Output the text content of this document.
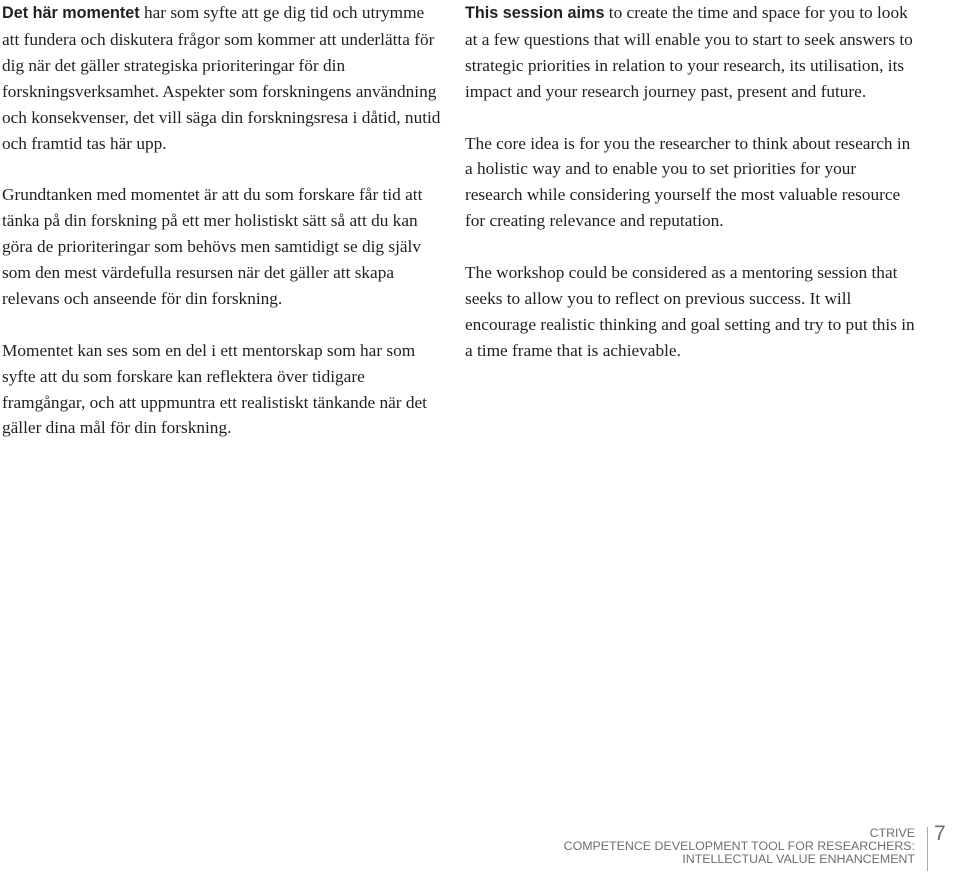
Det här momentet har som syfte att ge dig tid och utrymme att fundera och diskutera frågor som kommer att underlätta för dig när det gäller strategiska prioriteringar för din forskningsverksamhet. Aspekter som forskningens användning och konsekvenser, det vill säga din forskningsresa i dåtid, nutid och framtid tas här upp.

Grundtanken med momentet är att du som forskare får tid att tänka på din forskning på ett mer holistiskt sätt så att du kan göra de prioriteringar som behövs men samtidigt se dig själv som den mest värdefulla resursen när det gäller att skapa relevans och anseende för din forskning.

Momentet kan ses som en del i ett mentorskap som har som syfte att du som forskare kan reflektera över tidigare framgångar, och att uppmuntra ett realistiskt tänkande när det gäller dina mål för din forskning.

This session aims to create the time and space for you to look at a few questions that will enable you to start to seek answers to strategic priorities in relation to your research, its utilisation, its impact and your research journey past, present and future.

The core idea is for you the researcher to think about research in a holistic way and to enable you to set priorities for your research while considering yourself the most valuable resource for creating relevance and reputation.

The workshop could be considered as a mentoring session that seeks to allow you to reflect on previous success. It will encourage realistic thinking and goal setting and try to put this in a time frame that is achievable.

CTRIVE
COMPETENCE DEVELOPMENT TOOL FOR RESEARCHERS:
INTELLECTUAL VALUE ENHANCEMENT
7
